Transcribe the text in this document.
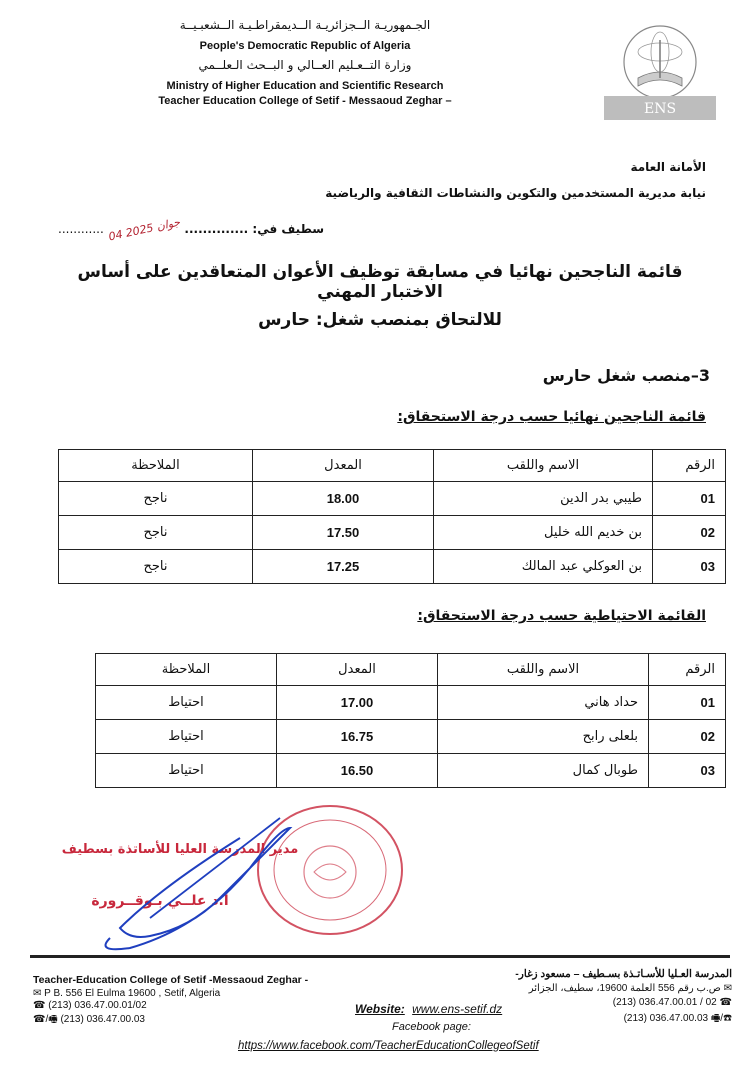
الجـمهوريـة الــجزائريـة الــديمقراطـيـة الــشعبـيــة
People's Democratic Republic of Algeria
وزارة التــعـليم العــالي و البــحث الـعلــمي
Ministry of Higher Education and Scientific Research
Teacher Education College of Setif - Messaoud Zeghar –	ENS
الأمانة العامة
نيابة مديرية المستخدمين والتكوين والنشاطات الثقافية والرياضية
............ 04 جوان 2025 سطيف في: ..............
قائمة الناجحين نهائيا في مسابقة توظيف الأعوان المتعاقدين على أساس الاختبار المهني
للالتحاق بمنصب شغل: حارس
3–منصب شغل حارس
قائمة الناجحين نهائيا حسب درجة الاستحقاق:
الرقم	الاسم واللقب	المعدل	الملاحظة
01	طيبي بدر الدين	18.00	ناجح
02	بن خديم الله خليل	17.50	ناجح
03	بن العوكلي عبد المالك	17.25	ناجح
القائمة الاحتياطية حسب درجة الاستحقاق:
الرقم	الاسم واللقب	المعدل	الملاحظة
01	حداد هاني	17.00	احتياط
02	بلعلى رابح	16.75	احتياط
03	طوبال كمال	16.50	احتياط
مدير المدرسة العليا للأساتذة بسطيف
أ.د علــي بـوقــرورة
Teacher-Education College of Setif -Messaoud Zeghar -
✉ P B. 556 El Eulma 19600 , Setif, Algeria
☎ (213) 036.47.00.01/02
☎/🖷 (213) 036.47.00.03
المدرسة العـليا للأسـاتـذة بسـطيف – مسعود زغار-
✉ ص.ب رقم 556 العلمة 19600، سطيف، الجزائر
(213) 036.47.00.01 / 02 ☎
(213) 036.47.00.03 🖷/☎
Website: www.ens-setif.dz
Facebook page:
https://www.facebook.com/TeacherEducationCollegeofSetif
